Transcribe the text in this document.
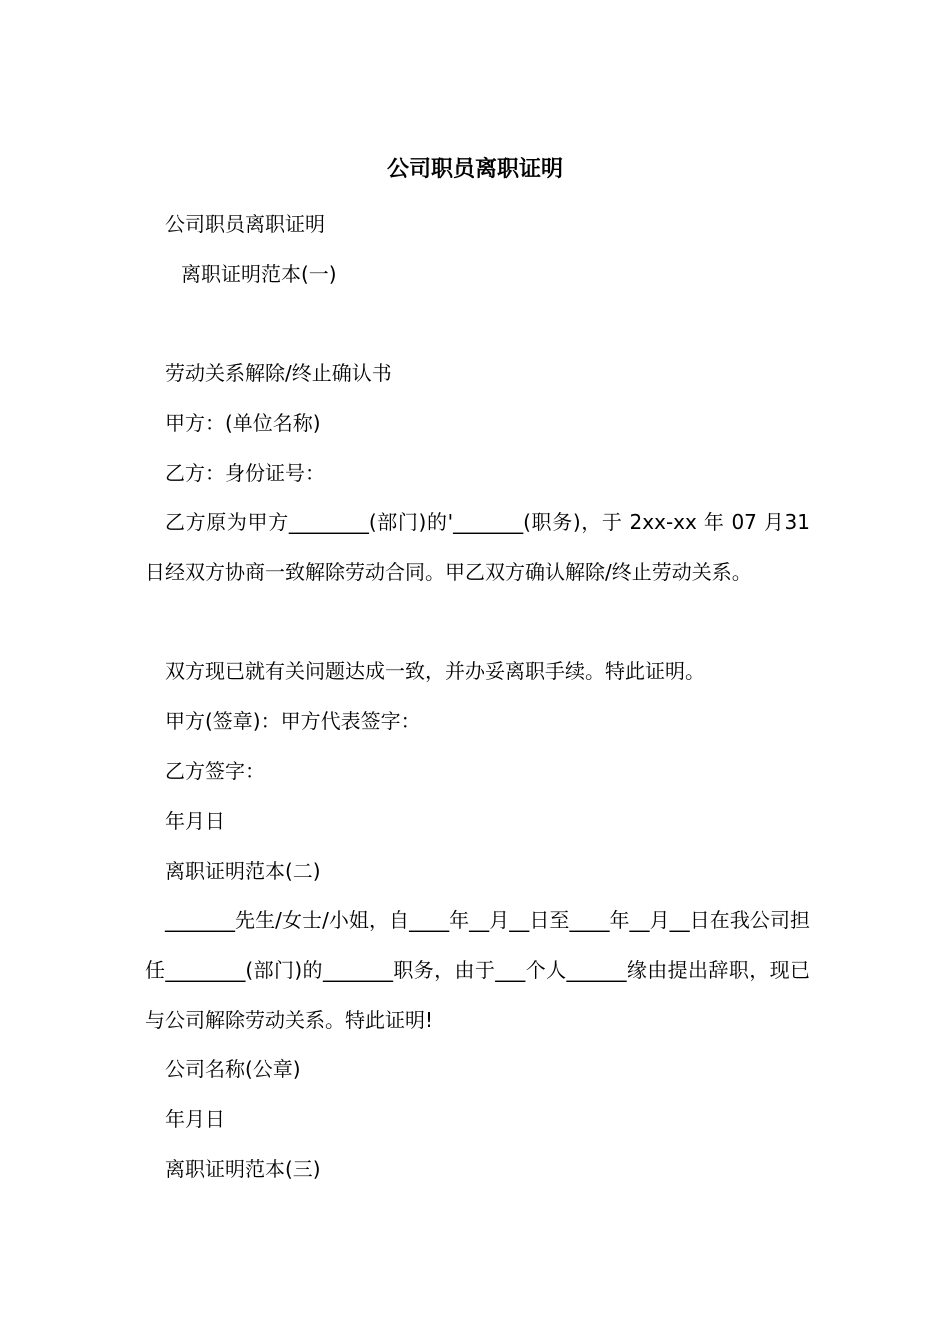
公司职员离职证明
公司职员离职证明
离职证明范本(一)
劳动关系解除/终止确认书
甲方：(单位名称)
乙方：身份证号：
乙方原为甲方________(部门)的'_______(职务)，于 2xx-xx 年 07 月31 日经双方协商一致解除劳动合同。甲乙双方确认解除/终止劳动关系。
双方现已就有关问题达成一致，并办妥离职手续。特此证明。
甲方(签章)：甲方代表签字：
乙方签字：
年月日
离职证明范本(二)
_______先生/女士/小姐，自____年__月__日至____年__月__日在我公司担任________(部门)的_______职务，由于___个人______缘由提出辞职，现已与公司解除劳动关系。特此证明!
公司名称(公章)
年月日
离职证明范本(三)
